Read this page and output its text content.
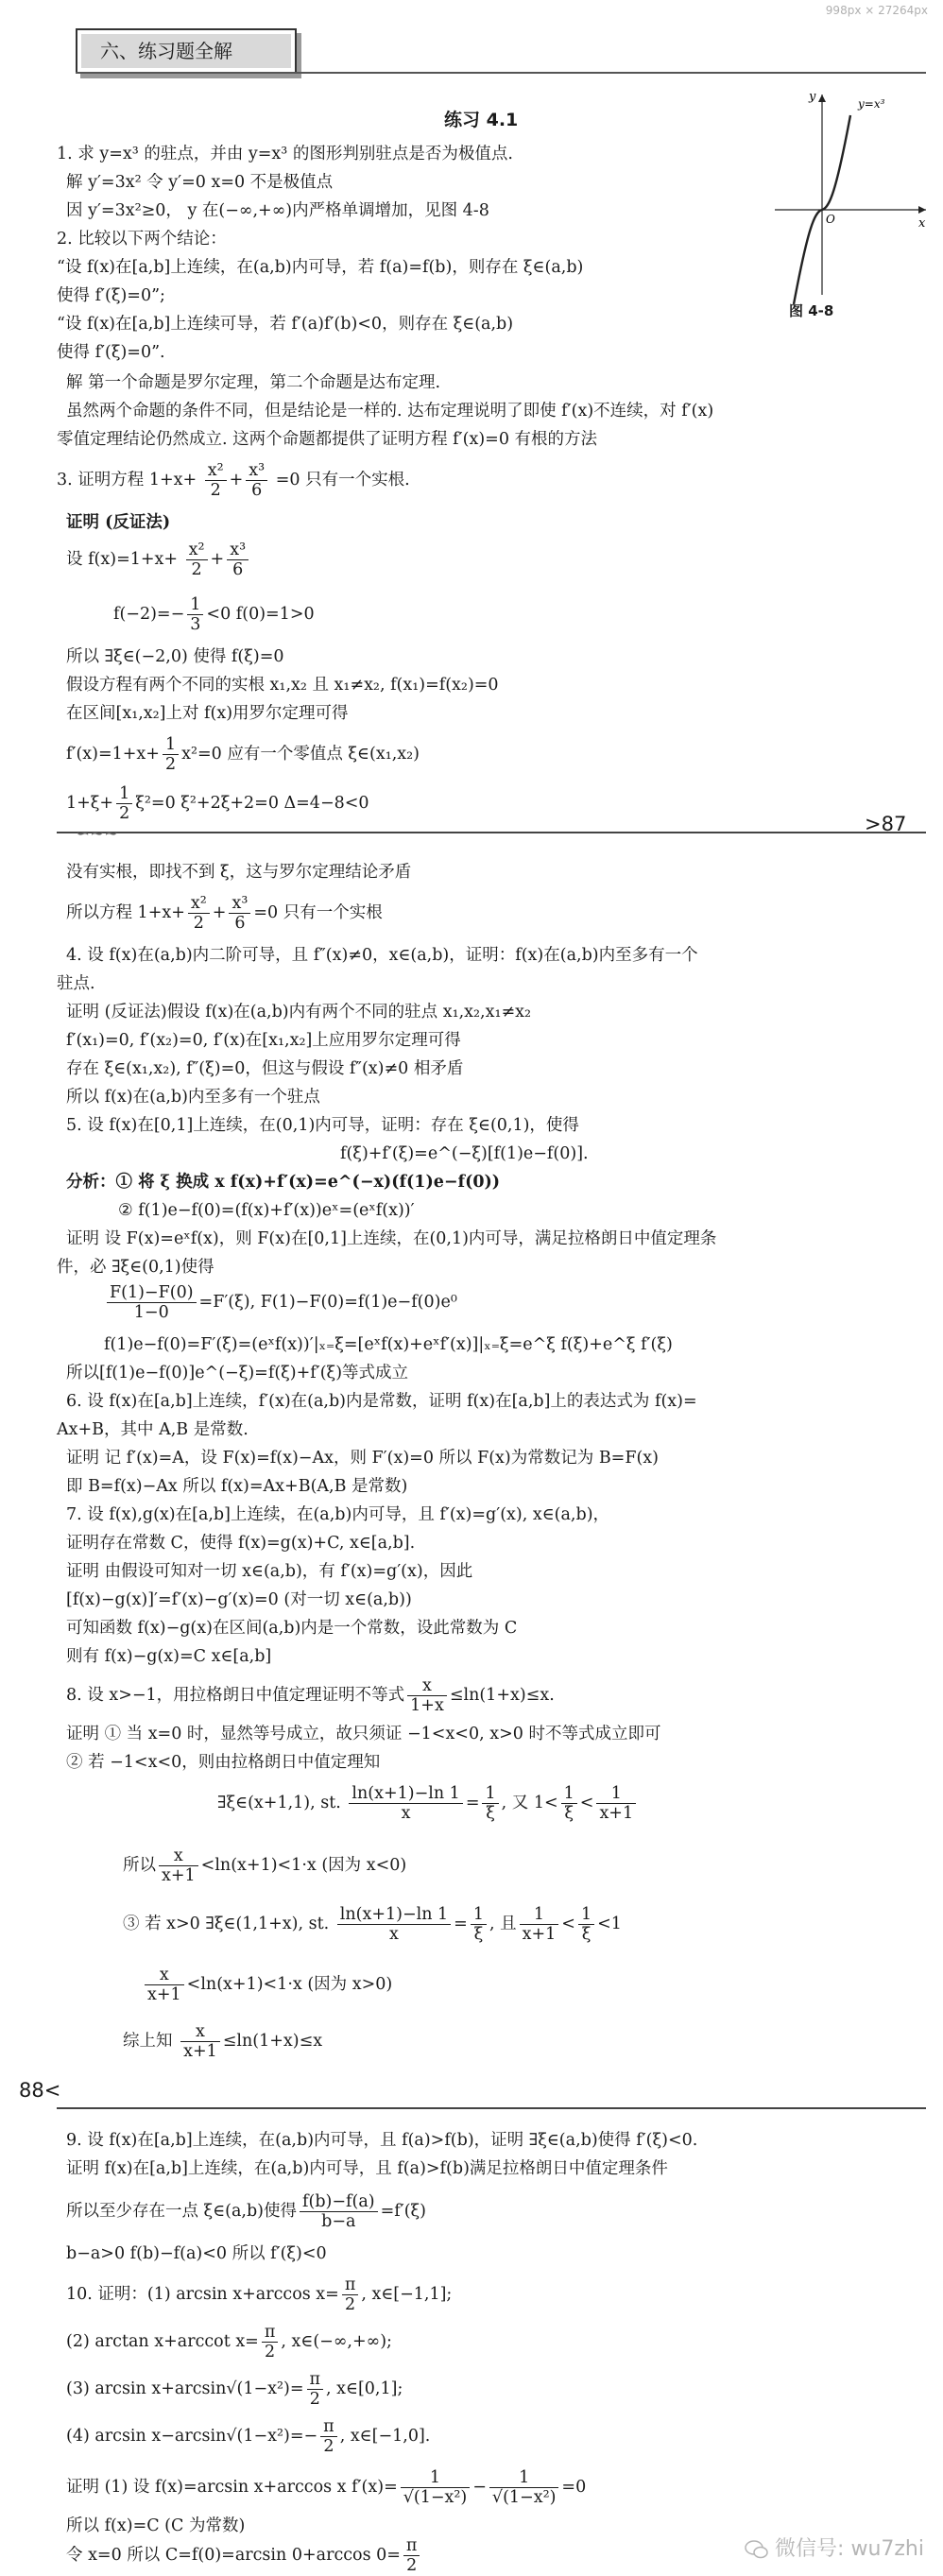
998px × 27264px
六、练习题全解
练习 4.1
y=x³
y
x
O
图 4-8
1. 求 y=x³ 的驻点，并由 y=x³ 的图形判别驻点是否为极值点.
解 y′=3x² 令 y′=0 x=0 不是极值点
因 y′=3x²≥0， y 在(−∞,+∞)内严格单调增加，见图 4-8
2. 比较以下两个结论：
“设 f(x)在[a,b]上连续，在(a,b)内可导，若 f(a)=f(b)，则存在 ξ∈(a,b)
使得 f′(ξ)=0”;
“设 f(x)在[a,b]上连续可导，若 f′(a)f′(b)<0，则存在 ξ∈(a,b)
使得 f′(ξ)=0”.
解 第一个命题是罗尔定理，第二个命题是达布定理.
虽然两个命题的条件不同，但是结论是一样的. 达布定理说明了即使 f′(x)不连续，对 f′(x)
零值定理结论仍然成立. 这两个命题都提供了证明方程 f′(x)=0 有根的方法
3. 证明方程 $1+x+ \frac{\text{x²}}{2} + \frac{\text{x³}}{6} =0$ 只有一个实根.
证明 (反证法)
设 $f(x)=1+x+ \frac{\text{x²}}{2} + \frac{\text{x³}}{6}$
$f(-2)=- \frac{1}{3} <0$ f(0)=1>0
所以 ∃ξ∈(−2,0) 使得 f(ξ)=0
假设方程有两个不同的实根 x₁,x₂ 且 x₁≠x₂, f(x₁)=f(x₂)=0
在区间[x₁,x₂]上对 f(x)用罗尔定理可得
$f'(x)=1+x+ \frac{1}{2} x^2=0$ 应有一个零值点 ξ∈(x₁,x₂)
$1+\xi+ \frac{1}{2} \xi^2=0$ ξ²+2ξ+2=0 Δ=4−8<0
>87
∽∼∼
没有实根，即找不到 ξ，这与罗尔定理结论矛盾
所以方程 $1+x+ \frac{\text{x²}}{2} + \frac{\text{x³}}{6} =0$ 只有一个实根
4. 设 f(x)在(a,b)内二阶可导，且 f″(x)≠0，x∈(a,b)，证明：f(x)在(a,b)内至多有一个
驻点.
证明 (反证法)假设 f(x)在(a,b)内有两个不同的驻点 x₁,x₂,x₁≠x₂
f′(x₁)=0, f′(x₂)=0, f′(x)在[x₁,x₂]上应用罗尔定理可得
存在 ξ∈(x₁,x₂), f″(ξ)=0，但这与假设 f″(x)≠0 相矛盾
所以 f(x)在(a,b)内至多有一个驻点
5. 设 f(x)在[0,1]上连续，在(0,1)内可导，证明：存在 ξ∈(0,1)，使得
f(ξ)+f′(ξ)=e^(−ξ)[f(1)e−f(0)].
分析：① 将 ξ 换成 x f(x)+f′(x)=e^(−x)(f(1)e−f(0))
② f(1)e−f(0)=(f(x)+f′(x))eˣ=(eˣf(x))′
证明 设 F(x)=eˣf(x)，则 F(x)在[0,1]上连续，在(0,1)内可导，满足拉格朗日中值定理条
件，必 ∃ξ∈(0,1)使得
$\frac{F(1)-F(0)}{1-0} =F'(\xi)$, F(1)−F(0)=f(1)e−f(0)e⁰
f(1)e−f(0)=F′(ξ)=(eˣf(x))′|ₓ₌ξ=[eˣf(x)+eˣf′(x)]|ₓ₌ξ=e^ξ f(ξ)+e^ξ f′(ξ)
所以[f(1)e−f(0)]e^(−ξ)=f(ξ)+f′(ξ)等式成立
6. 设 f(x)在[a,b]上连续，f′(x)在(a,b)内是常数，证明 f(x)在[a,b]上的表达式为 f(x)=
Ax+B，其中 A,B 是常数.
证明 记 f′(x)=A，设 F(x)=f(x)−Ax，则 F′(x)=0 所以 F(x)为常数记为 B=F(x)
即 B=f(x)−Ax 所以 f(x)=Ax+B(A,B 是常数)
7. 设 f(x),g(x)在[a,b]上连续，在(a,b)内可导，且 f′(x)=g′(x), x∈(a,b)，
证明存在常数 C，使得 f(x)=g(x)+C, x∈[a,b].
证明 由假设可知对一切 x∈(a,b)，有 f′(x)=g′(x)，因此
[f(x)−g(x)]′=f′(x)−g′(x)=0 (对一切 x∈(a,b))
可知函数 f(x)−g(x)在区间(a,b)内是一个常数，设此常数为 C
则有 f(x)−g(x)=C x∈[a,b]
8. 设 x>−1，用拉格朗日中值定理证明不等式 $\frac{x}{1+x} \le\ln(1+x)\le x$.
证明 ① 当 x=0 时，显然等号成立，故只须证 −1<x<0, x>0 时不等式成立即可
② 若 −1<x<0，则由拉格朗日中值定理知
∃ξ∈(x+1,1), st. $\frac{\ln(x+1)-\ln 1}{x} = \frac{1}{\xi}$ , 又 $1< \frac{1}{\xi} < \frac{1}{x+1}$
所以 $\frac{x}{x+1} <\ln(x+1)<1\cdot x$ (因为 x<0)
③ 若 x>0 ∃ξ∈(1,1+x), st. $\frac{\ln(x+1)-\ln 1}{x} = \frac{1}{\xi}$ , 且 $\frac{1}{x+1} < \frac{1}{\xi} <1$
$\frac{x}{x+1} <\ln(x+1)<1\cdot x$ (因为 x>0)
综上知 $\frac{x}{x+1} \le\ln(1+x)\le x$
88<
9. 设 f(x)在[a,b]上连续，在(a,b)内可导，且 f(a)>f(b)，证明 ∃ξ∈(a,b)使得 f′(ξ)<0.
证明 f(x)在[a,b]上连续，在(a,b)内可导，且 f(a)>f(b)满足拉格朗日中值定理条件
所以至少存在一点 ξ∈(a,b)使得 $\frac{f(b)-f(a)}{b-a} =f'(\xi)$
b−a>0 f(b)−f(a)<0 所以 f′(ξ)<0
10. 证明：(1) arcsin x+arccos $x= \frac{\pi}{2}$ , x∈[−1,1];
(2) arctan x+arccot $x= \frac{\pi}{2}$ , x∈(−∞,+∞);
(3) $\arcsin x+\arcsin√(1-x^2)= \frac{\pi}{2}$ , x∈[0,1];
(4) $\arcsin x-\arcsin√(1-x^2)=- \frac{\pi}{2}$ , x∈[−1,0].
证明 (1) 设 f(x)=arcsin x+arccos x $f'(x)= \frac{1}{\text{√(1−x²)}} - \frac{1}{\text{√(1−x²)}} =0$
所以 f(x)=C (C 为常数)
令 x=0 所以 C=f(0)=arcsin 0+arccos $0= \frac{\pi}{2}$	微信号: wu7zhi
